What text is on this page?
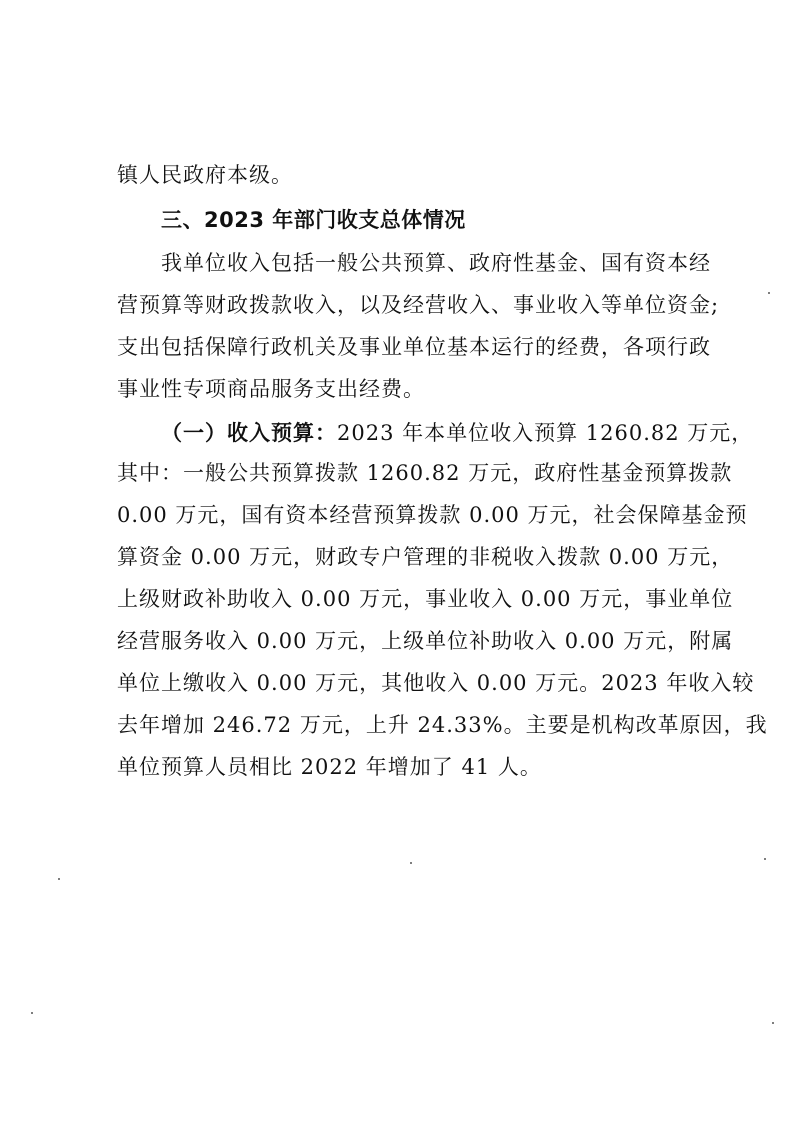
镇人民政府本级。
三、2023 年部门收支总体情况
我单位收入包括一般公共预算、政府性基金、国有资本经
营预算等财政拨款收入，以及经营收入、事业收入等单位资金;
支出包括保障行政机关及事业单位基本运行的经费，各项行政
事业性专项商品服务支出经费。
（一）收入预算：2023 年本单位收入预算 1260.82 万元，
其中：一般公共预算拨款 1260.82 万元，政府性基金预算拨款
0.00 万元，国有资本经营预算拨款 0.00 万元，社会保障基金预
算资金 0.00 万元，财政专户管理的非税收入拨款 0.00 万元，
上级财政补助收入 0.00 万元，事业收入 0.00 万元，事业单位
经营服务收入 0.00 万元，上级单位补助收入 0.00 万元，附属
单位上缴收入 0.00 万元，其他收入 0.00 万元。2023 年收入较
去年增加 246.72 万元，上升 24.33%。主要是机构改革原因，我
单位预算人员相比 2022 年增加了 41 人。
